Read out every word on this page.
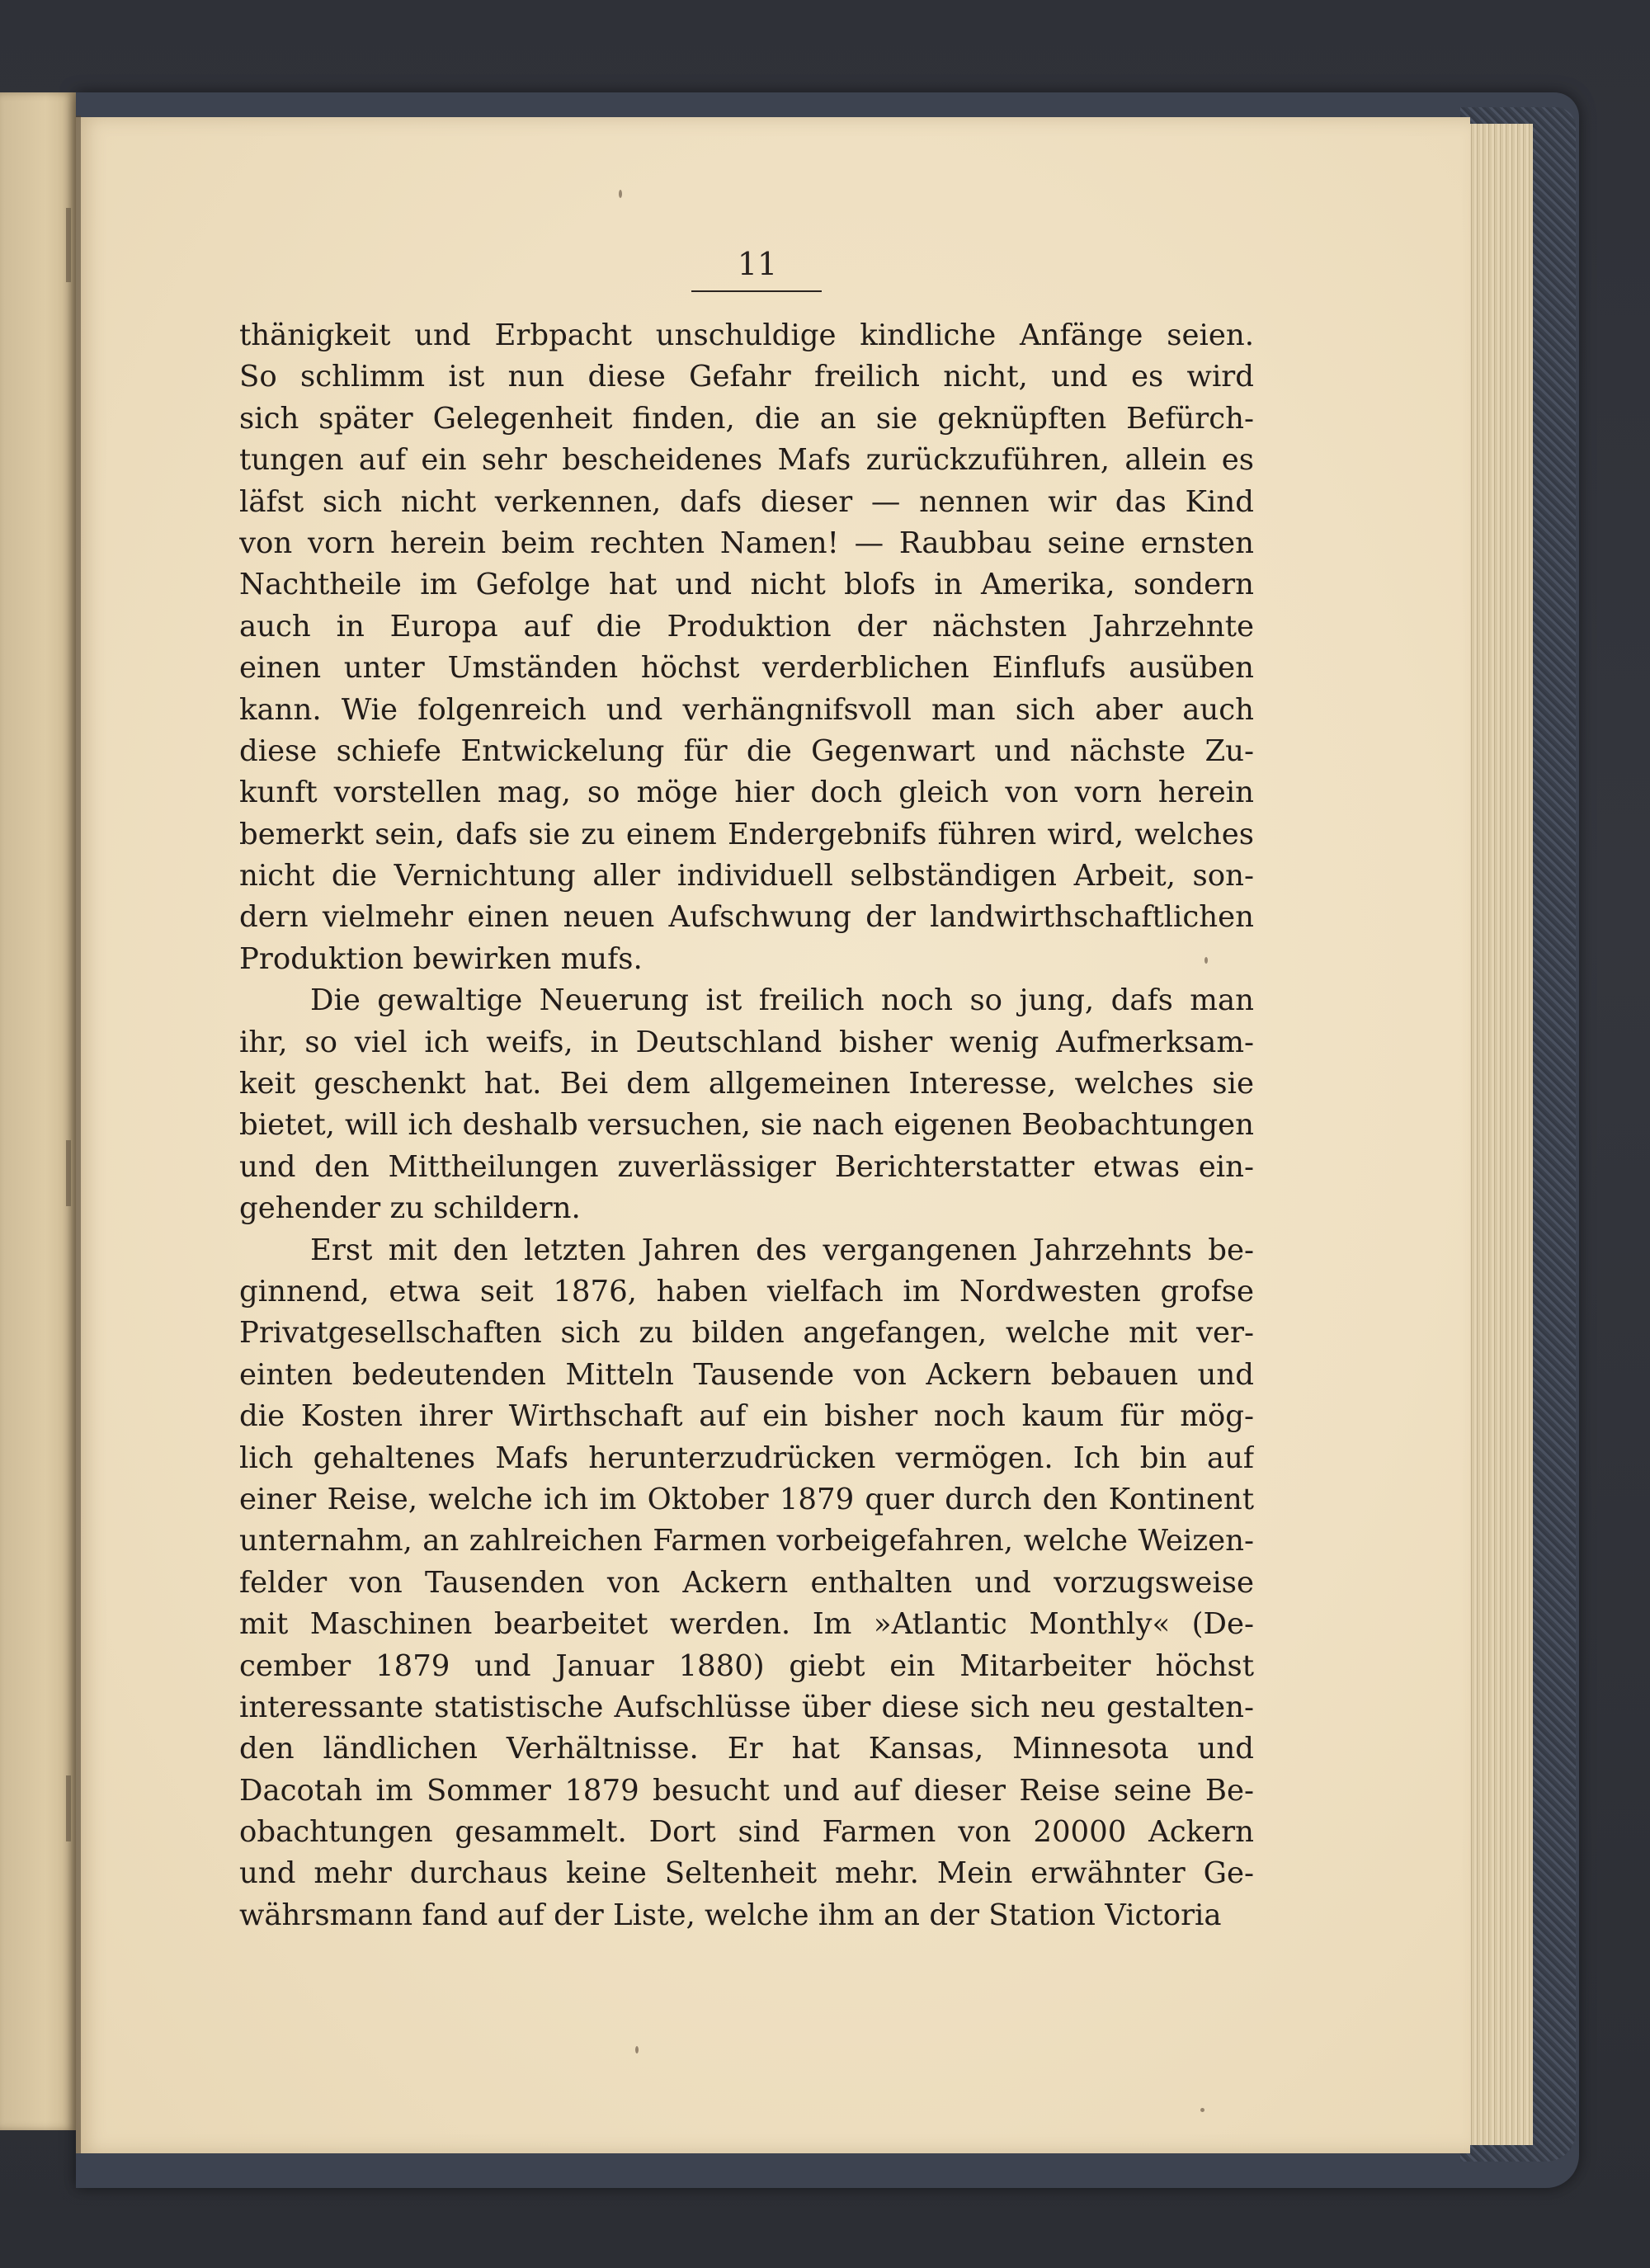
11
thänigkeit und Erbpacht unschuldige kindliche Anfänge seien.
So schlimm ist nun diese Gefahr freilich nicht, und es wird
sich später Gelegenheit finden, die an sie geknüpften Befürch-
tungen auf ein sehr bescheidenes Mafs zurückzuführen, allein es
läfst sich nicht verkennen, dafs dieser — nennen wir das Kind
von vorn herein beim rechten Namen! — Raubbau seine ernsten
Nachtheile im Gefolge hat und nicht blofs in Amerika, sondern
auch in Europa auf die Produktion der nächsten Jahrzehnte
einen unter Umständen höchst verderblichen Einflufs ausüben
kann. Wie folgenreich und verhängnifsvoll man sich aber auch
diese schiefe Entwickelung für die Gegenwart und nächste Zu-
kunft vorstellen mag, so möge hier doch gleich von vorn herein
bemerkt sein, dafs sie zu einem Endergebnifs führen wird, welches
nicht die Vernichtung aller individuell selbständigen Arbeit, son-
dern vielmehr einen neuen Aufschwung der landwirthschaftlichen
Produktion bewirken mufs.
Die gewaltige Neuerung ist freilich noch so jung, dafs man
ihr, so viel ich weifs, in Deutschland bisher wenig Aufmerksam-
keit geschenkt hat. Bei dem allgemeinen Interesse, welches sie
bietet, will ich deshalb versuchen, sie nach eigenen Beobachtungen
und den Mittheilungen zuverlässiger Berichterstatter etwas ein-
gehender zu schildern.
Erst mit den letzten Jahren des vergangenen Jahrzehnts be-
ginnend, etwa seit 1876, haben vielfach im Nordwesten grofse
Privatgesellschaften sich zu bilden angefangen, welche mit ver-
einten bedeutenden Mitteln Tausende von Ackern bebauen und
die Kosten ihrer Wirthschaft auf ein bisher noch kaum für mög-
lich gehaltenes Mafs herunterzudrücken vermögen. Ich bin auf
einer Reise, welche ich im Oktober 1879 quer durch den Kontinent
unternahm, an zahlreichen Farmen vorbeigefahren, welche Weizen-
felder von Tausenden von Ackern enthalten und vorzugsweise
mit Maschinen bearbeitet werden. Im »Atlantic Monthly« (De-
cember 1879 und Januar 1880) giebt ein Mitarbeiter höchst
interessante statistische Aufschlüsse über diese sich neu gestalten-
den ländlichen Verhältnisse. Er hat Kansas, Minnesota und
Dacotah im Sommer 1879 besucht und auf dieser Reise seine Be-
obachtungen gesammelt. Dort sind Farmen von 20000 Ackern
und mehr durchaus keine Seltenheit mehr. Mein erwähnter Ge-
währsmann fand auf der Liste, welche ihm an der Station Victoria
